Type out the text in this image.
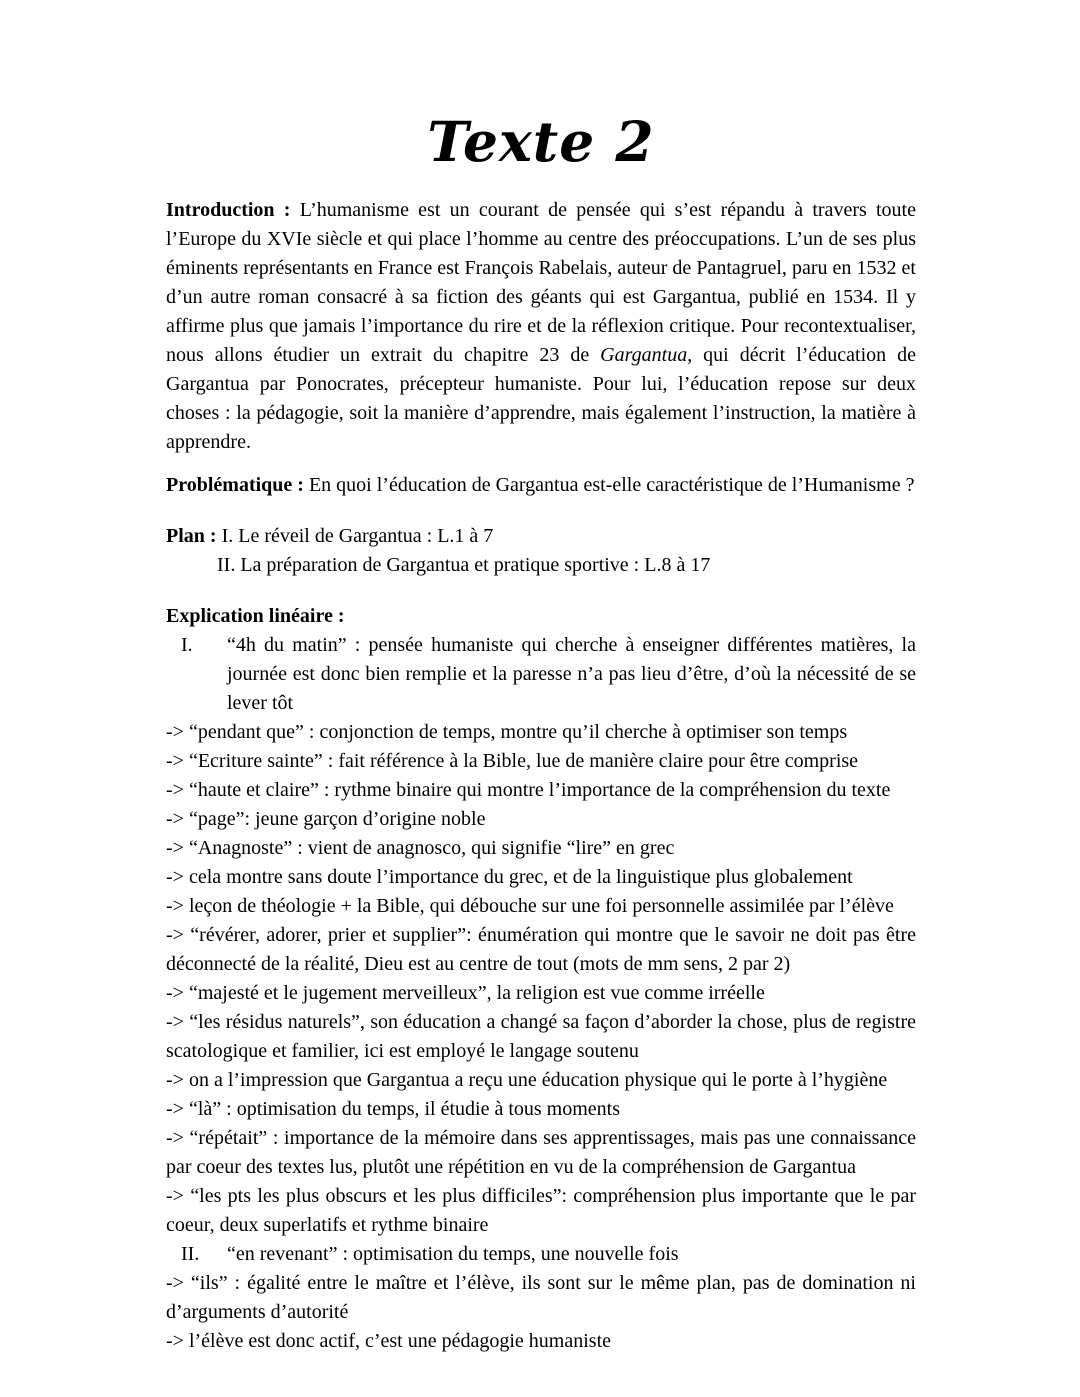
Texte 2

Introduction : L’humanisme est un courant de pensée qui s’est répandu à travers toute l’Europe du XVIe siècle et qui place l’homme au centre des préoccupations. L’un de ses plus éminents représentants en France est François Rabelais, auteur de Pantagruel, paru en 1532 et d’un autre roman consacré à sa fiction des géants qui est Gargantua, publié en 1534. Il y affirme plus que jamais l’importance du rire et de la réflexion critique. Pour recontextualiser, nous allons étudier un extrait du chapitre 23 de Gargantua, qui décrit l’éducation de Gargantua par Ponocrates, précepteur humaniste. Pour lui, l’éducation repose sur deux choses : la pédagogie, soit la manière d’apprendre, mais également l’instruction, la matière à apprendre.

Problématique : En quoi l’éducation de Gargantua est-elle caractéristique de l’Humanisme ?

Plan : I. Le réveil de Gargantua : L.1 à 7

II. La préparation de Gargantua et pratique sportive : L.8 à 17

Explication linéaire :

I. “4h du matin” : pensée humaniste qui cherche à enseigner différentes matières, la journée est donc bien remplie et la paresse n’a pas lieu d’être, d’où la nécessité de se lever tôt
-> “pendant que” : conjonction de temps, montre qu’il cherche à optimiser son temps
-> “Ecriture sainte” : fait référence à la Bible, lue de manière claire pour être comprise
-> “haute et claire” : rythme binaire qui montre l’importance de la compréhension du texte
-> “page”: jeune garçon d’origine noble
-> “Anagnoste” : vient de anagnosco, qui signifie “lire” en grec
-> cela montre sans doute l’importance du grec, et de la linguistique plus globalement
-> leçon de théologie + la Bible, qui débouche sur une foi personnelle assimilée par l’élève
-> “révérer, adorer, prier et supplier”: énumération qui montre que le savoir ne doit pas être déconnecté de la réalité, Dieu est au centre de tout (mots de mm sens, 2 par 2)
-> “majesté et le jugement merveilleux”, la religion est vue comme irréelle
-> “les résidus naturels”, son éducation a changé sa façon d’aborder la chose, plus de registre scatologique et familier, ici est employé le langage soutenu
-> on a l’impression que Gargantua a reçu une éducation physique qui le porte à l’hygiène
-> “là” : optimisation du temps, il étudie à tous moments
-> “répétait” : importance de la mémoire dans ses apprentissages, mais pas une connaissance par coeur des textes lus, plutôt une répétition en vu de la compréhension de Gargantua
-> “les pts les plus obscurs et les plus difficiles”: compréhension plus importante que le par coeur, deux superlatifs et rythme binaire
II. “en revenant” : optimisation du temps, une nouvelle fois
-> “ils” : égalité entre le maître et l’élève, ils sont sur le même plan, pas de domination ni d’arguments d’autorité
-> l’élève est donc actif, c’est une pédagogie humaniste
